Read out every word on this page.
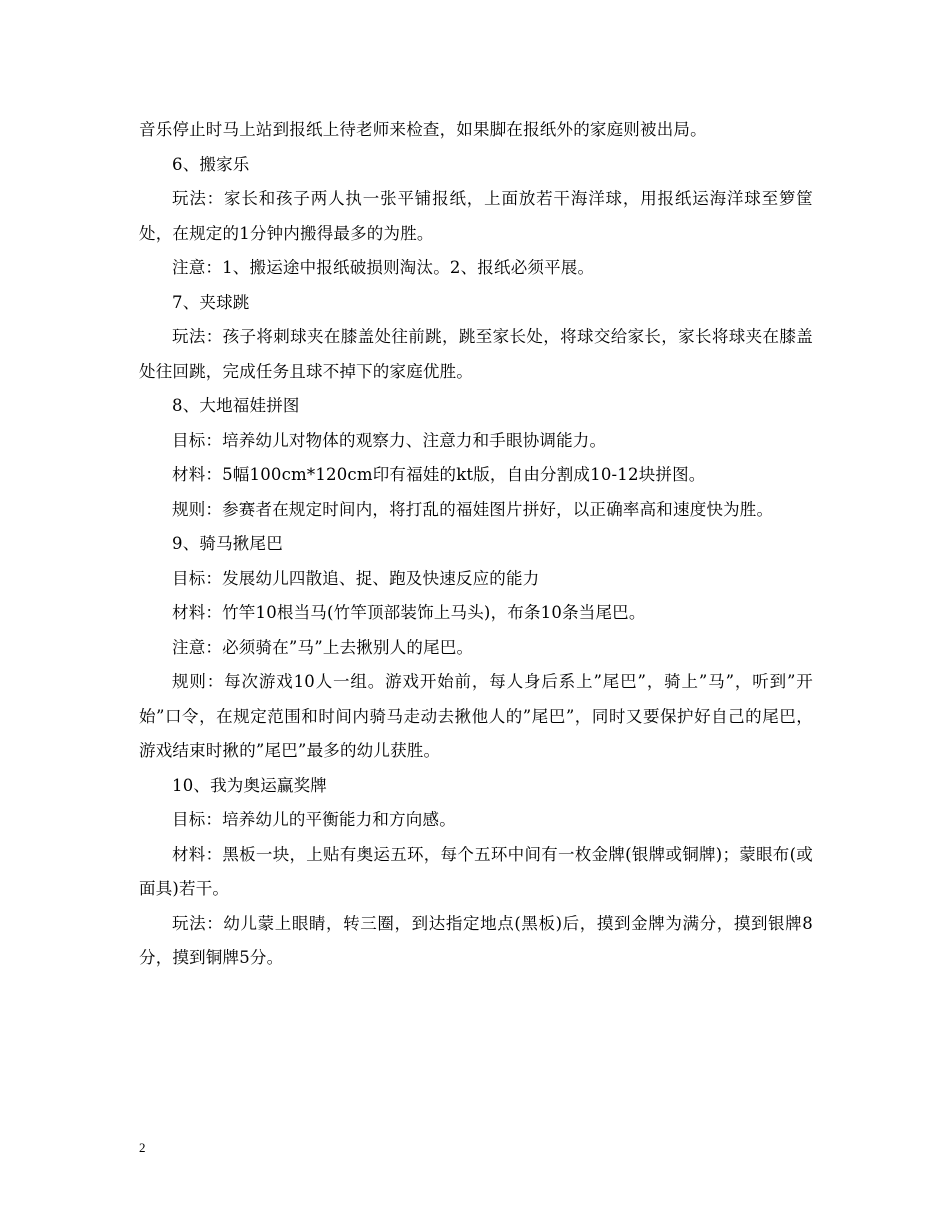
音乐停止时马上站到报纸上待老师来检查，如果脚在报纸外的家庭则被出局。

6、搬家乐

玩法：家长和孩子两人执一张平铺报纸，上面放若干海洋球，用报纸运海洋球至箩筐处，在规定的1分钟内搬得最多的为胜。

注意：1、搬运途中报纸破损则淘汰。2、报纸必须平展。

7、夹球跳

玩法：孩子将刺球夹在膝盖处往前跳，跳至家长处，将球交给家长，家长将球夹在膝盖处往回跳，完成任务且球不掉下的家庭优胜。

8、大地福娃拼图

目标：培养幼儿对物体的观察力、注意力和手眼协调能力。

材料：5幅100cm*120cm印有福娃的kt版，自由分割成10-12块拼图。

规则：参赛者在规定时间内，将打乱的福娃图片拼好，以正确率高和速度快为胜。

9、骑马揪尾巴

目标：发展幼儿四散追、捉、跑及快速反应的能力

材料：竹竿10根当马(竹竿顶部装饰上马头)，布条10条当尾巴。

注意：必须骑在”马”上去揪别人的尾巴。

规则：每次游戏10人一组。游戏开始前，每人身后系上”尾巴”，骑上”马”，听到”开始”口令，在规定范围和时间内骑马走动去揪他人的”尾巴”，同时又要保护好自己的尾巴，游戏结束时揪的”尾巴”最多的幼儿获胜。

10、我为奥运赢奖牌

目标：培养幼儿的平衡能力和方向感。

材料：黑板一块，上贴有奥运五环，每个五环中间有一枚金牌(银牌或铜牌)；蒙眼布(或面具)若干。

玩法：幼儿蒙上眼睛，转三圈，到达指定地点(黑板)后，摸到金牌为满分，摸到银牌8分，摸到铜牌5分。

2
